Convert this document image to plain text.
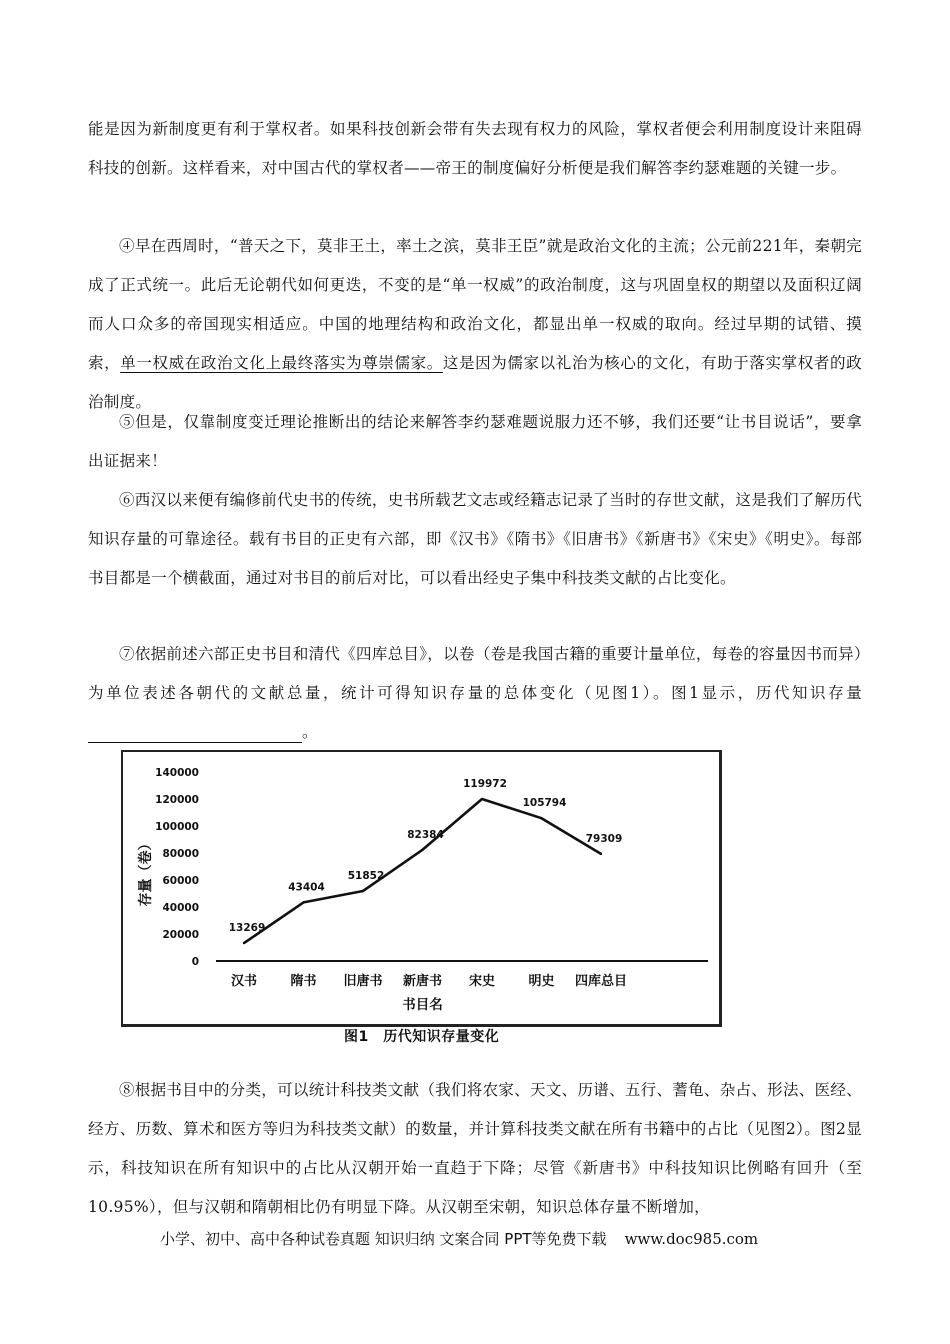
能是因为新制度更有利于掌权者。如果科技创新会带有失去现有权力的风险，掌权者便会利用制度设计来阻碍科技的创新。这样看来，对中国古代的掌权者——帝王的制度偏好分析便是我们解答李约瑟难题的关键一步。

④早在西周时，“普天之下，莫非王土，率土之滨，莫非王臣”就是政治文化的主流；公元前221年，秦朝完成了正式统一。此后无论朝代如何更迭，不变的是“单一权威”的政治制度，这与巩固皇权的期望以及面积辽阔而人口众多的帝国现实相适应。中国的地理结构和政治文化，都显出单一权威的取向。经过早期的试错、摸索，单一权威在政治文化上最终落实为尊崇儒家。这是因为儒家以礼治为核心的文化，有助于落实掌权者的政治制度。

⑤但是，仅靠制度变迁理论推断出的结论来解答李约瑟难题说服力还不够，我们还要“让书目说话”，要拿出证据来！

⑥西汉以来便有编修前代史书的传统，史书所载艺文志或经籍志记录了当时的存世文献，这是我们了解历代知识存量的可靠途径。载有书目的正史有六部，即《汉书》《隋书》《旧唐书》《新唐书》《宋史》《明史》。每部书目都是一个横截面，通过对书目的前后对比，可以看出经史子集中科技类文献的占比变化。

⑦依据前述六部正史书目和清代《四库总目》，以卷（卷是我国古籍的重要计量单位，每卷的容量因书而异）为单位表述各朝代的文献总量，统计可得知识存量的总体变化（见图1）。图1显示，历代知识存量。

0
20000
40000
60000
80000
100000
120000
140000
存量（卷）
汉书	隋书 旧唐书 新唐书 宋史	明史 四库总目
书目名
13269
43404
51852
82384
119972
105794
79309
图1　历代知识存量变化

⑧根据书目中的分类，可以统计科技类文献（我们将农家、天文、历谱、五行、蓍龟、杂占、形法、医经、经方、历数、算术和医方等归为科技类文献）的数量，并计算科技类文献在所有书籍中的占比（见图2）。图2显示，科技知识在所有知识中的占比从汉朝开始一直趋于下降；尽管《新唐书》中科技知识比例略有回升（至10.95%），但与汉朝和隋朝相比仍有明显下降。从汉朝至宋朝，知识总体存量不断增加，

小学、初中、高中各种试卷真题 知识归纳 文案合同 PPT等免费下载 www.doc985.com
